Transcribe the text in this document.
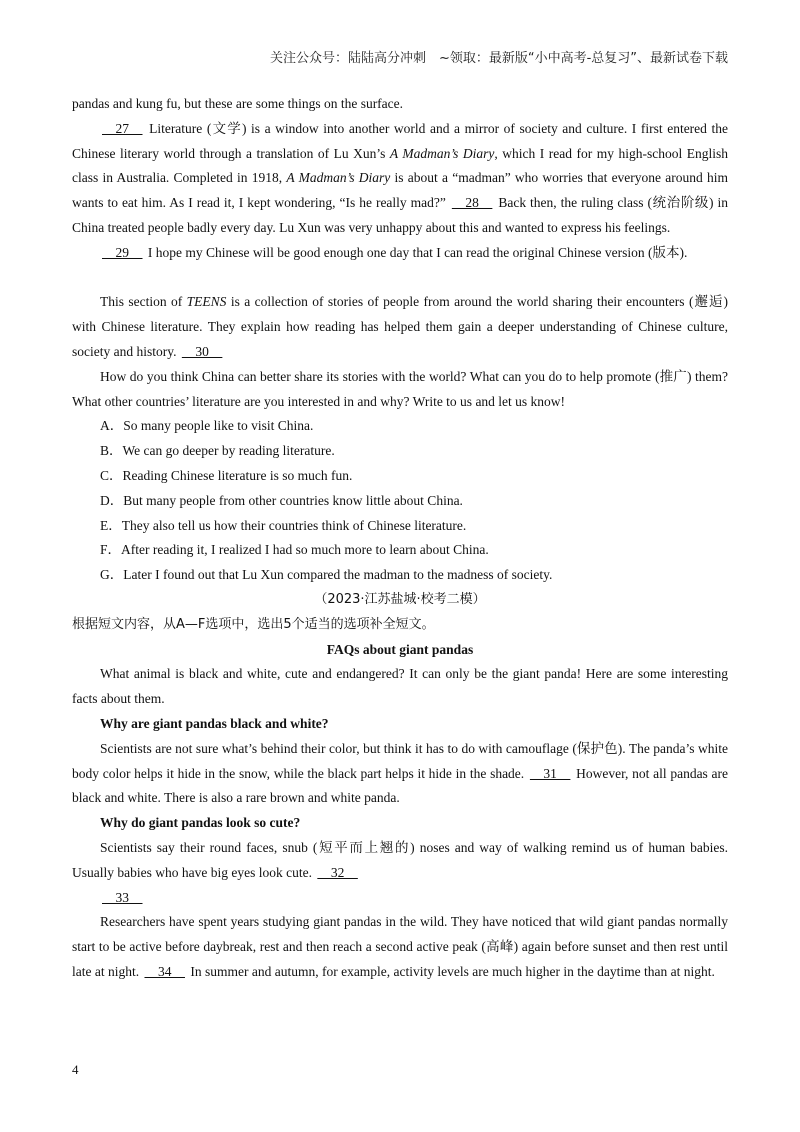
关注公众号：陆陆高分冲刺　~领取：最新版“小中高考-总复习”、最新试卷下载

pandas and kung fu, but these are some things on the surface.

　27　 Literature (文学) is a window into another world and a mirror of society and culture. I first entered the Chinese literary world through a translation of Lu Xun’s A Madman’s Diary, which I read for my high-school English class in Australia. Completed in 1918, A Madman’s Diary is about a “madman” who worries that everyone around him wants to eat him. As I read it, I kept wondering, “Is he really mad?” 　28　 Back then, the ruling class (统治阶级) in China treated people badly every day. Lu Xun was very unhappy about this and wanted to express his feelings.

　29　 I hope my Chinese will be good enough one day that I can read the original Chinese version (版本).

This section of TEENS is a collection of stories of people from around the world sharing their encounters (邂逅) with Chinese literature. They explain how reading has helped them gain a deeper understanding of Chinese culture, society and history. 　30　

How do you think China can better share its stories with the world? What can you do to help promote (推广) them? What other countries’ literature are you interested in and why? Write to us and let us know!

A．So many people like to visit China.

B．We can go deeper by reading literature.

C．Reading Chinese literature is so much fun.

D．But many people from other countries know little about China.

E．They also tell us how their countries think of Chinese literature.

F．After reading it, I realized I had so much more to learn about China.

G．Later I found out that Lu Xun compared the madman to the madness of society.

（2023·江苏盐城·校考二模）

根据短文内容，从A—F选项中，选出5个适当的选项补全短文。

FAQs about giant pandas

What animal is black and white, cute and endangered? It can only be the giant panda! Here are some interesting facts about them.

Why are giant pandas black and white?

Scientists are not sure what’s behind their color, but think it has to do with camouflage (保护色). The panda’s white body color helps it hide in the snow, while the black part helps it hide in the shade. 　31　 However, not all pandas are black and white. There is also a rare brown and white panda.

Why do giant pandas look so cute?

Scientists say their round faces, snub (短平而上翘的) noses and way of walking remind us of human babies. Usually babies who have big eyes look cute. 　32　

　33　

Researchers have spent years studying giant pandas in the wild. They have noticed that wild giant pandas normally start to be active before daybreak, rest and then reach a second active peak (高峰) again before sunset and then rest until late at night. 　34　 In summer and autumn, for example, activity levels are much higher in the daytime than at night.

4
